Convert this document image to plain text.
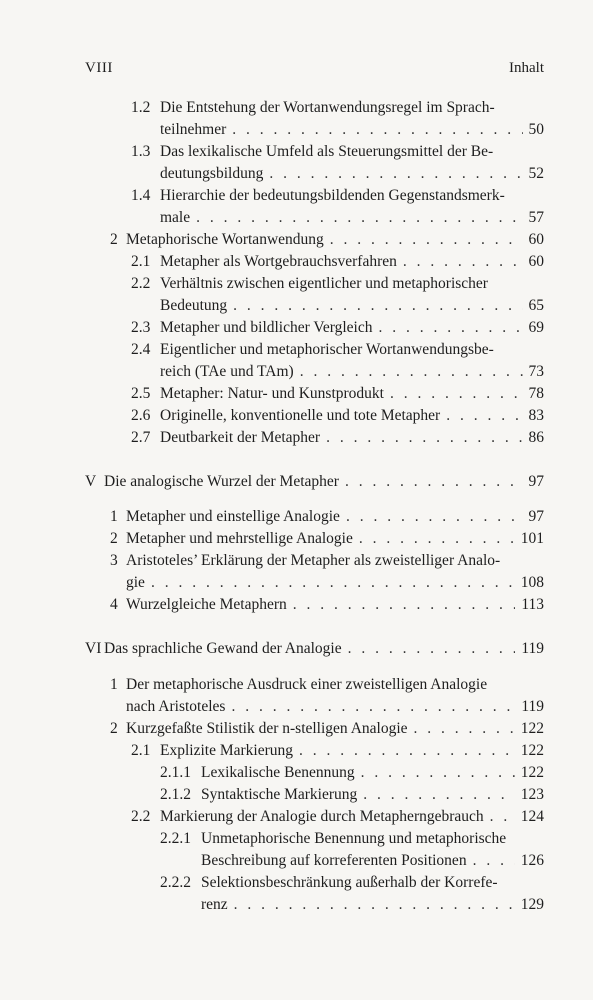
VIII	Inhalt
1.2 Die Entstehung der Wortanwendungsregel im Sprach-
teilnehmer . . .	50
1.3 Das lexikalische Umfeld als Steuerungsmittel der Be-
deutungsbildung . . .	52
1.4 Hierarchie der bedeutungsbildenden Gegenstandsmerk-
male . . .	57
2 Metaphorische Wortanwendung . . .	60
2.1 Metapher als Wortgebrauchsverfahren . . .	60
2.2 Verhältnis zwischen eigentlicher und metaphorischer
Bedeutung . . .	65
2.3 Metapher und bildlicher Vergleich . . .	69
2.4 Eigentlicher und metaphorischer Wortanwendungsbe-
reich (TAe und TAm) . . .	73
2.5 Metapher: Natur- und Kunstprodukt . . .	78
2.6 Originelle, konventionelle und tote Metapher . . .	83
2.7 Deutbarkeit der Metapher . . .	86
V Die analogische Wurzel der Metapher . . .	97
1 Metapher und einstellige Analogie . . .	97
2 Metapher und mehrstellige Analogie . . .	101
3 Aristoteles’ Erklärung der Metapher als zweistelliger Analo-
gie . . .	108
4 Wurzelgleiche Metaphern . . .	113
VI Das sprachliche Gewand der Analogie . . .	119
1 Der metaphorische Ausdruck einer zweistelligen Analogie
nach Aristoteles . . .	119
2 Kurzgefaßte Stilistik der n-stelligen Analogie . . .	122
2.1 Explizite Markierung . . .	122
2.1.1 Lexikalische Benennung . . .	122
2.1.2 Syntaktische Markierung . . .	123
2.2 Markierung der Analogie durch Metapherngebrauch . . . 124
2.2.1 Unmetaphorische Benennung und metaphorische
Beschreibung auf korreferenten Positionen . . .	126
2.2.2 Selektionsbeschränkung außerhalb der Korrefe-
renz . . .	129
